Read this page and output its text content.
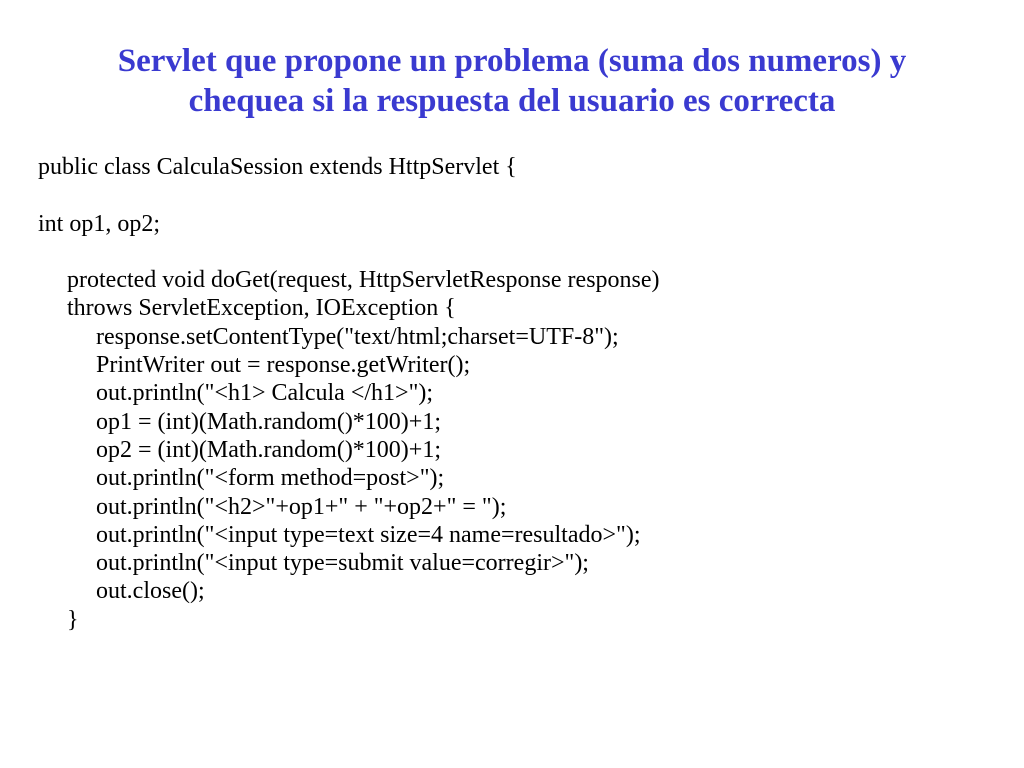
Servlet que propone un problema (suma dos numeros) y
chequea si la respuesta del usuario es correcta
public class CalculaSession extends HttpServlet {
int op1, op2;
protected void doGet(request, HttpServletResponse response)
throws ServletException, IOException {
response.setContentType("text/html;charset=UTF-8");
PrintWriter out = response.getWriter();
out.println("<h1> Calcula </h1>");
op1 = (int)(Math.random()*100)+1;
op2 = (int)(Math.random()*100)+1;
out.println("<form method=post>");
out.println("<h2>"+op1+" + "+op2+" = ");
out.println("<input type=text size=4 name=resultado>");
out.println("<input type=submit value=corregir>");
out.close();
}
